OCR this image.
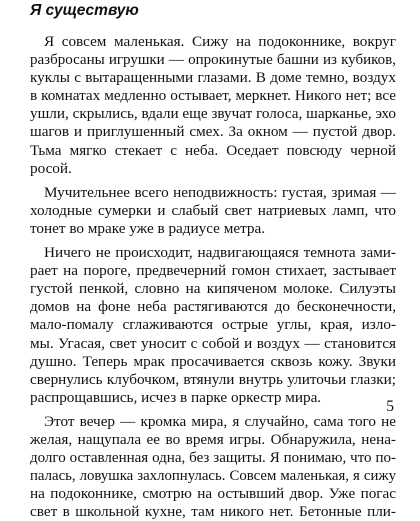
Я существую

Я совсем маленькая. Сижу на подоконнике, вокруг
разбросаны игрушки — опрокинутые башни из кубиков,
куклы с вытаращенными глазами. В доме темно, воздух
в комнатах медленно остывает, меркнет. Никого нет; все
ушли, скрылись, вдали еще звучат голоса, шарканье, эхо
шагов и приглушенный смех. За окном — пустой двор.
Тьма мягко стекает с неба. Оседает повсюду черной
росой.

Мучительнее всего неподвижность: густая, зримая —
холодные сумерки и слабый свет натриевых ламп, что
тонет во мраке уже в радиусе метра.

Ничего не происходит, надвигающаяся темнота зами-
рает на пороге, предвечерний гомон стихает, застывает
густой пенкой, словно на кипяченом молоке. Силуэты
домов на фоне неба растягиваются до бесконечности,
мало-помалу сглаживаются острые углы, края, изло-
мы. Угасая, свет уносит с собой и воздух — становится
душно. Теперь мрак просачивается сквозь кожу. Звуки
свернулись клубочком, втянули внутрь улиточьи глазки;
распрощавшись, исчез в парке оркестр мира.

Этот вечер — кромка мира, я случайно, сама того не
желая, нащупала ее во время игры. Обнаружила, нена-
долго оставленная одна, без защиты. Я понимаю, что по-
палась, ловушка захлопнулась. Совсем маленькая, я сижу
на подоконнике, смотрю на остывший двор. Уже погас
свет в школьной кухне, там никого нет. Бетонные пли-

5
